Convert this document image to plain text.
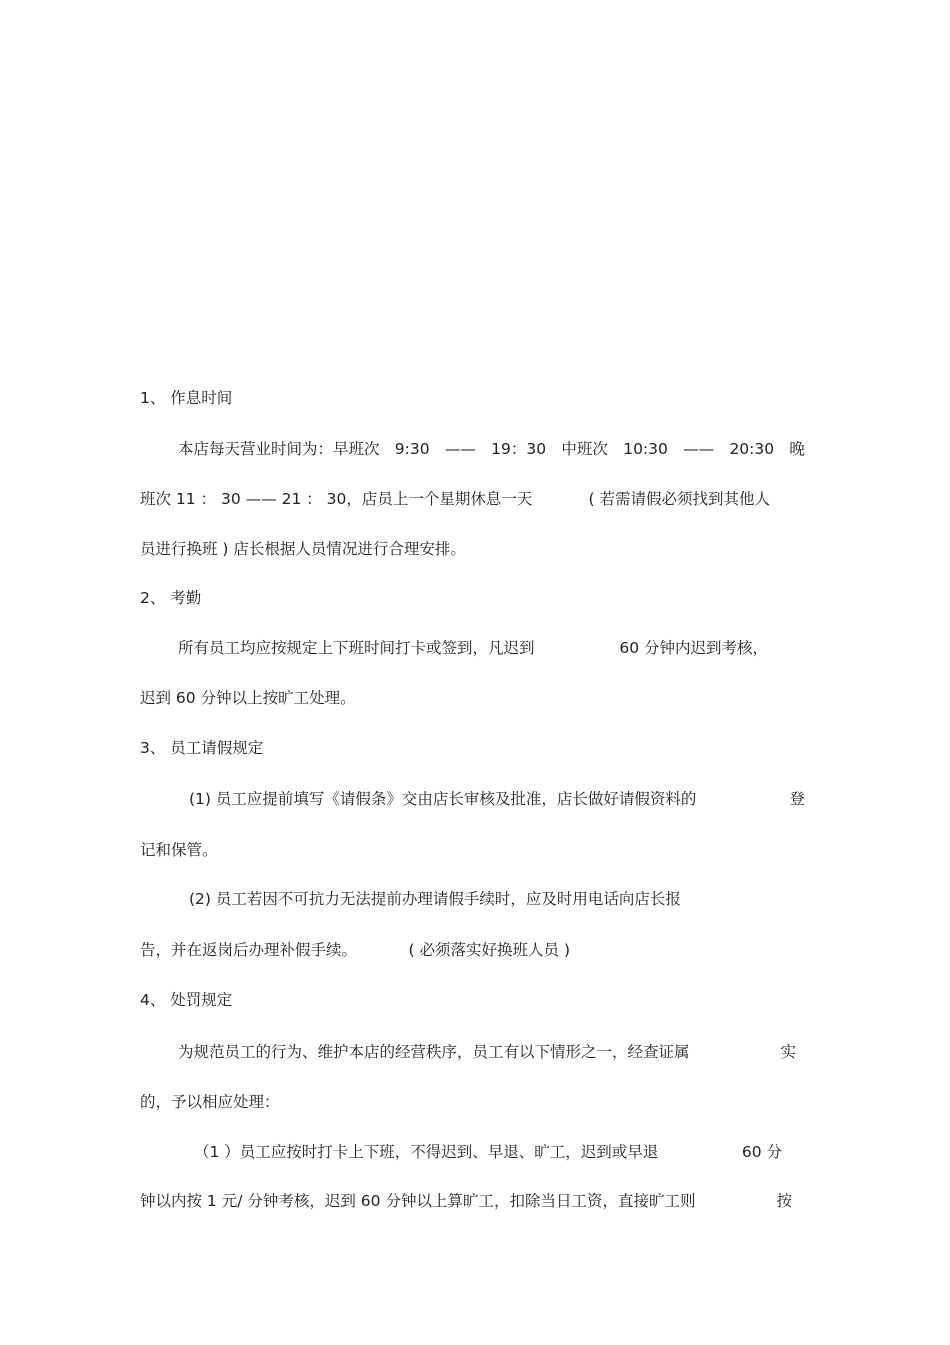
1、 作息时间
本店每天营业时间为：早班次 9:30 —— 19：30 中班次 10:30 —— 20:30 晚
班次 11 ： 30 —— 21 ： 30，店员上一个星期休息一天	( 若需请假必须找到其他人
员进行换班 ) 店长根据人员情况进行合理安排。
2、 考勤
所有员工均应按规定上下班时间打卡或签到，凡迟到	60 分钟内迟到考核，
迟到 60 分钟以上按旷工处理。
3、 员工请假规定
(1) 员工应提前填写《请假条》交由店长审核及批准，店长做好请假资料的	登
记和保管。
(2) 员工若因不可抗力无法提前办理请假手续时，应及时用电话向店长报
告，并在返岗后办理补假手续。	( 必须落实好换班人员 )
4、 处罚规定
为规范员工的行为、维护本店的经营秩序，员工有以下情形之一，经查证属	实
的，予以相应处理：
（1 ）员工应按时打卡上下班，不得迟到、早退、旷工，迟到或早退	60 分
钟以内按 1 元/ 分钟考核，迟到 60 分钟以上算旷工，扣除当日工资，直接旷工则	按
